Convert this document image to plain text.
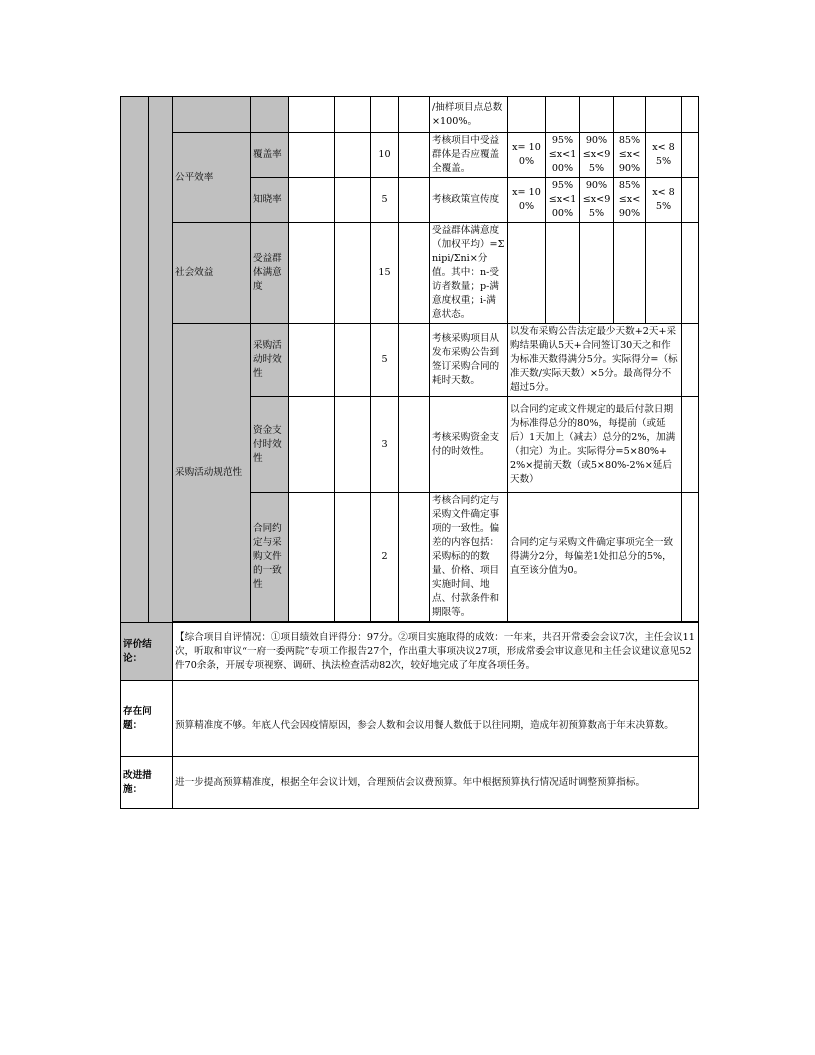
								/抽样项目点总数×100%。						
		公平效率	覆盖率			10		考核项目中受益群体是否应覆盖全覆盖。	x= 100%	95%≤x<100%	90%≤x<95%	85%≤x<90%	x< 85%	
			知晓率			5		考核政策宣传度	x= 100%	95%≤x<100%	90%≤x<95%	85%≤x<90%	x< 85%	
		社会效益	受益群体满意度			15		受益群体满意度（加权平均）=Σnipi/Σni×分值。其中：n-受访者数量；p-满意度权重；i-满意状态。						
		采购活动规范性	采购活动时效性			5		考核采购项目从发布采购公告到签订采购合同的耗时天数。	以发布采购公告法定最少天数+2天+采购结果确认5天+合同签订30天之和作为标准天数得满分5分。实际得分=（标准天数/实际天数）×5分。最高得分不超过5分。					
			资金支付时效性			3		考核采购资金支付的时效性。	以合同约定或文件规定的最后付款日期为标准得总分的80%，每提前（或延后）1天加上（减去）总分的2%，加满（扣完）为止。实际得分=5×80%+2%×提前天数（或5×80%-2%×延后天数）					
			合同约定与采购文件的一致性			2		考核合同约定与采购文件确定事项的一致性。偏差的内容包括：采购标的的数量、价格、项目实施时间、地点、付款条件和期限等。	合同约定与采购文件确定事项完全一致得满分2分，每偏差1处扣总分的5%，直至该分值为0。					

评价结论：		【综合项目自评情况：①项目绩效自评得分：97分。②项目实施取得的成效：一年来，共召开常委会会议7次，主任会议11次，听取和审议“一府一委两院”专项工作报告27个，作出重大事项决议27项，形成常委会审议意见和主任会议建议意见52件70余条，开展专项视察、调研、执法检查活动82次，较好地完成了年度各项任务。												
存在问题：		预算精准度不够。年底人代会因疫情原因，参会人数和会议用餐人数低于以往同期，造成年初预算数高于年末决算数。												
改进措施：		进一步提高预算精准度，根据全年会议计划，合理预估会议费预算。年中根据预算执行情况适时调整预算指标。												
